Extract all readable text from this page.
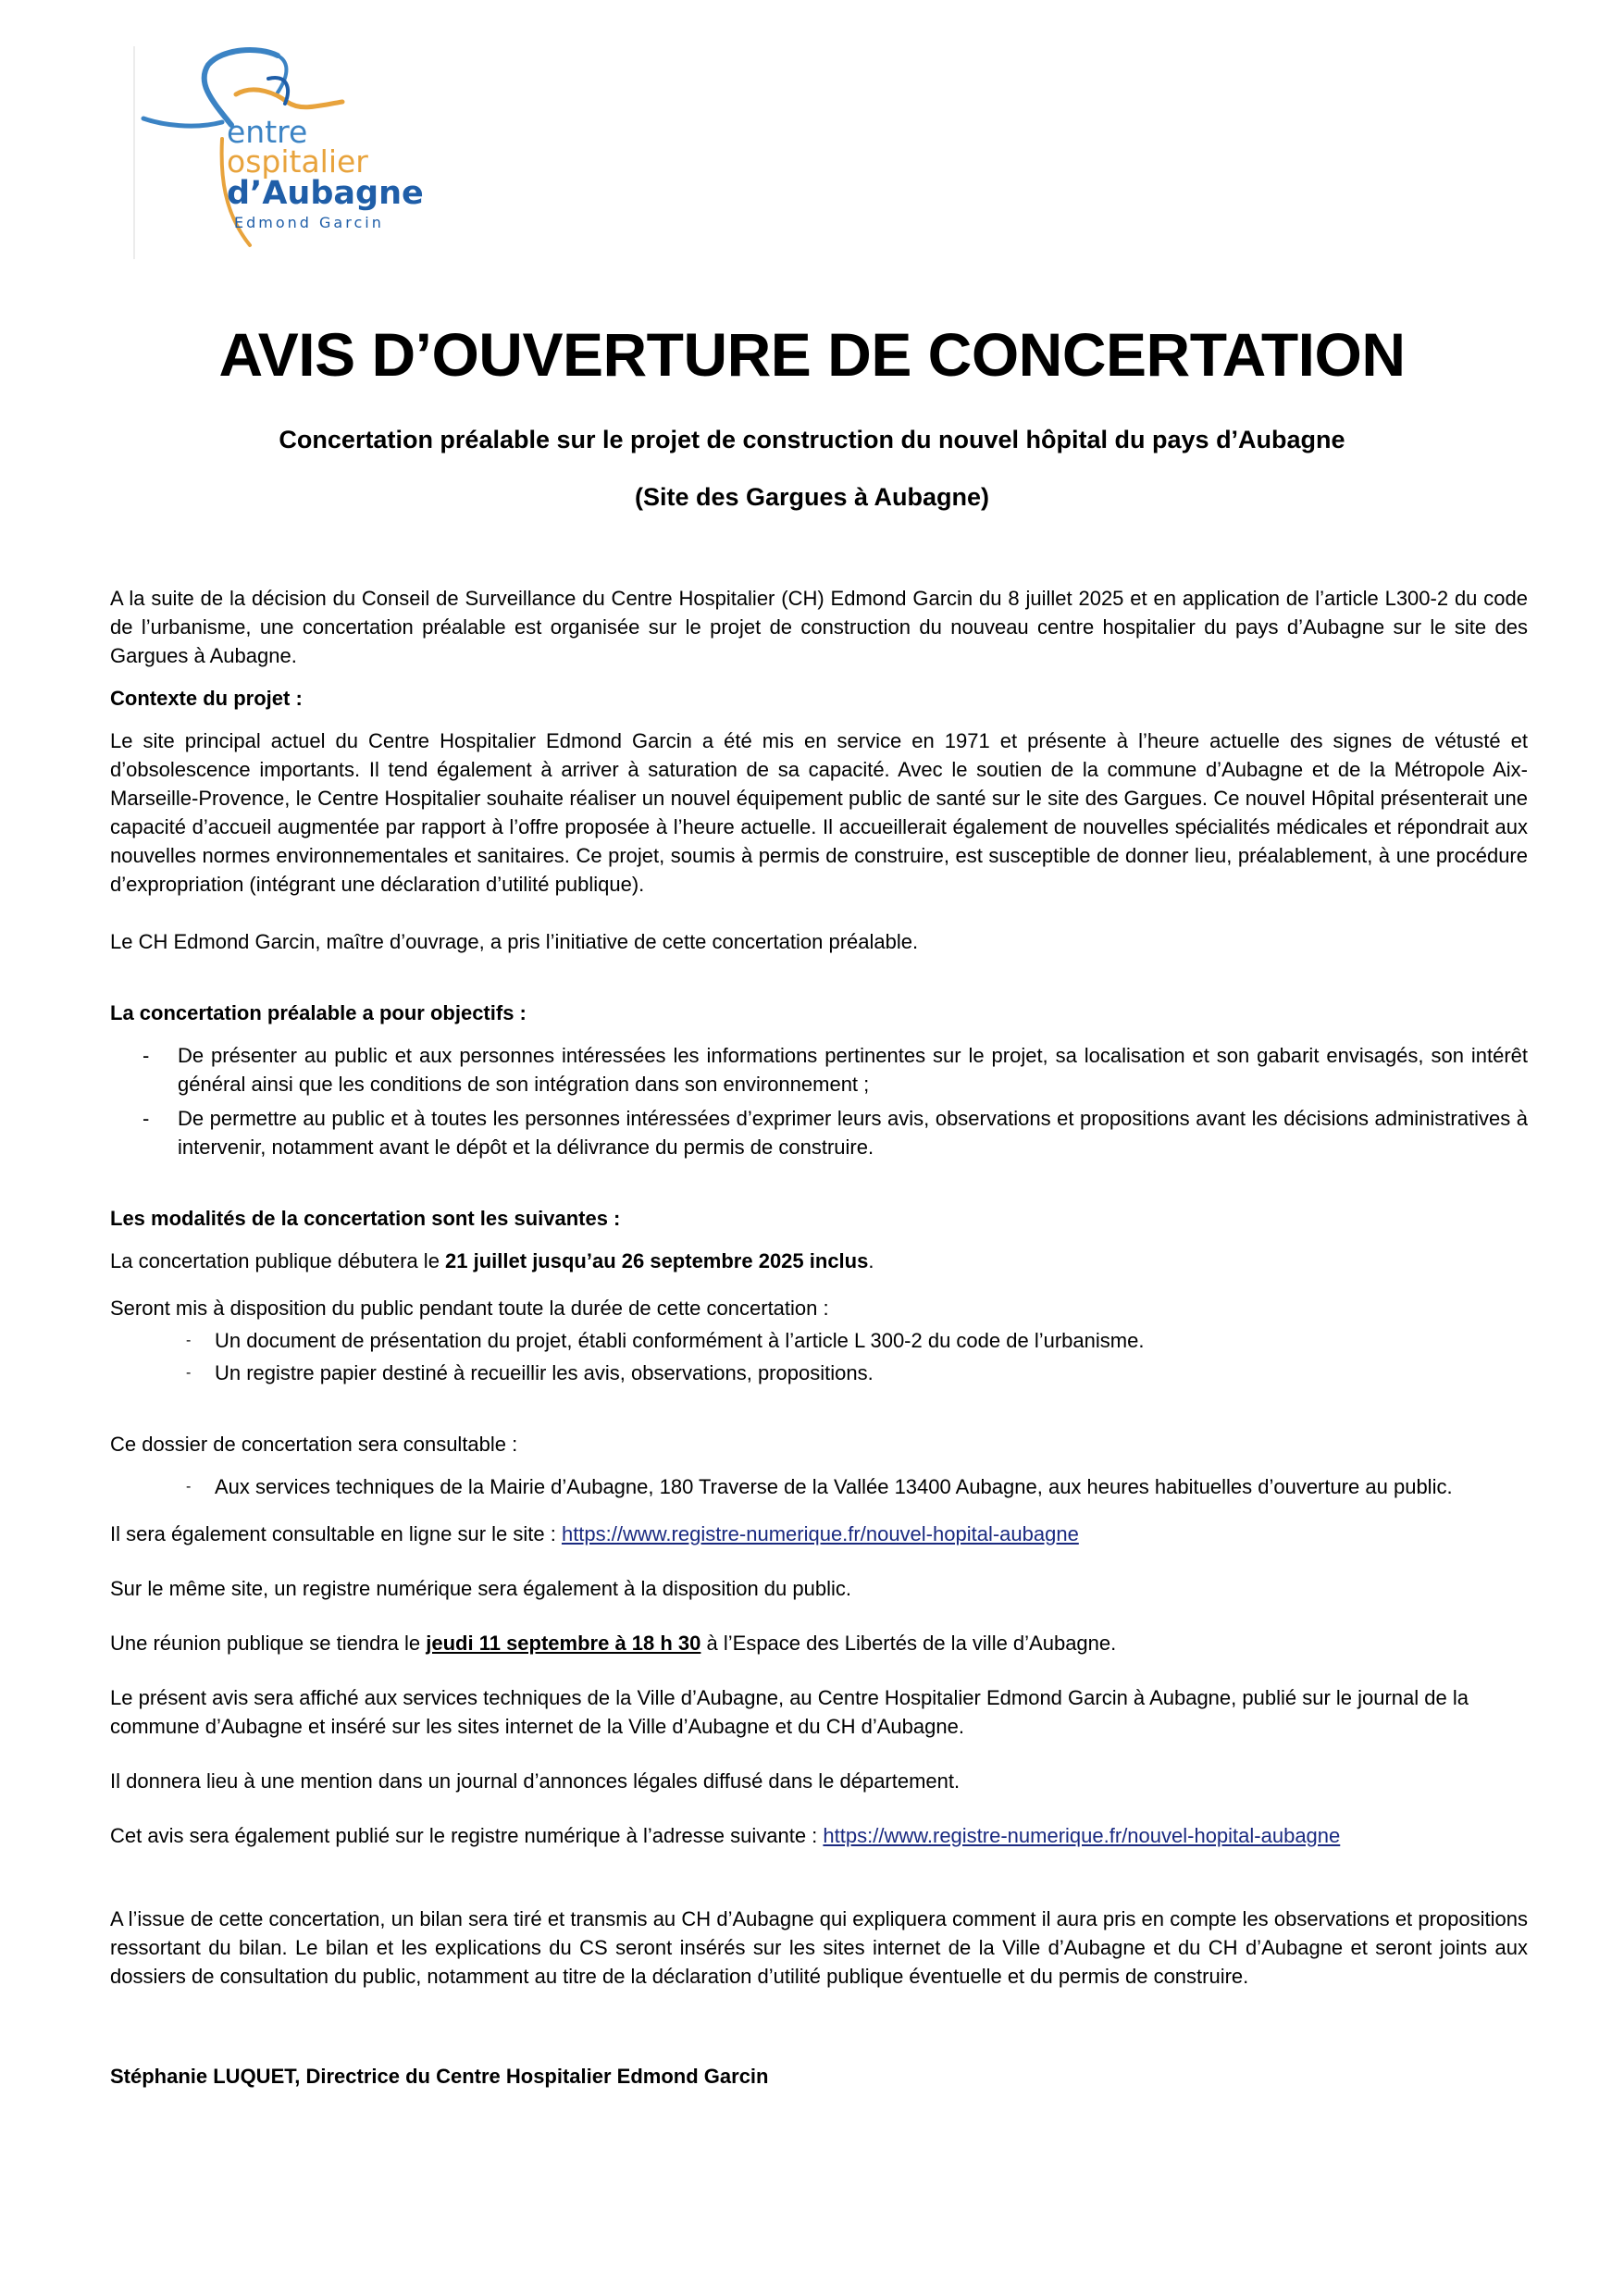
entre
ospitalier
d’Aubagne
Edmond Garcin
AVIS D’OUVERTURE DE CONCERTATION

Concertation préalable sur le projet de construction du nouvel hôpital du pays d’Aubagne

(Site des Gargues à Aubagne)

A la suite de la décision du Conseil de Surveillance du Centre Hospitalier (CH) Edmond Garcin du 8 juillet 2025 et en application de l’article L300-2 du code de l’urbanisme, une concertation préalable est organisée sur le projet de construction du nouveau centre hospitalier du pays d’Aubagne sur le site des Gargues à Aubagne.

Contexte du projet :

Le site principal actuel du Centre Hospitalier Edmond Garcin a été mis en service en 1971 et présente à l’heure actuelle des signes de vétusté et d’obsolescence importants. Il tend également à arriver à saturation de sa capacité. Avec le soutien de la commune d’Aubagne et de la Métropole Aix-Marseille-Provence, le Centre Hospitalier souhaite réaliser un nouvel équipement public de santé sur le site des Gargues. Ce nouvel Hôpital présenterait une capacité d’accueil augmentée par rapport à l’offre proposée à l’heure actuelle. Il accueillerait également de nouvelles spécialités médicales et répondrait aux nouvelles normes environnementales et sanitaires. Ce projet, soumis à permis de construire, est susceptible de donner lieu, préalablement, à une procédure d’expropriation (intégrant une déclaration d’utilité publique).

Le CH Edmond Garcin, maître d’ouvrage, a pris l’initiative de cette concertation préalable.

La concertation préalable a pour objectifs :

- De présenter au public et aux personnes intéressées les informations pertinentes sur le projet, sa localisation et son gabarit envisagés, son intérêt général ainsi que les conditions de son intégration dans son environnement ;
- De permettre au public et à toutes les personnes intéressées d’exprimer leurs avis, observations et propositions avant les décisions administratives à intervenir, notamment avant le dépôt et la délivrance du permis de construire.

Les modalités de la concertation sont les suivantes :

La concertation publique débutera le 21 juillet jusqu’au 26 septembre 2025 inclus.

Seront mis à disposition du public pendant toute la durée de cette concertation :

- Un document de présentation du projet, établi conformément à l’article L 300-2 du code de l’urbanisme.
- Un registre papier destiné à recueillir les avis, observations, propositions.

Ce dossier de concertation sera consultable :

- Aux services techniques de la Mairie d’Aubagne, 180 Traverse de la Vallée 13400 Aubagne, aux heures habituelles d’ouverture au public.

Il sera également consultable en ligne sur le site : https://www.registre-numerique.fr/nouvel-hopital-aubagne

Sur le même site, un registre numérique sera également à la disposition du public.

Une réunion publique se tiendra le jeudi 11 septembre à 18 h 30 à l’Espace des Libertés de la ville d’Aubagne.

Le présent avis sera affiché aux services techniques de la Ville d’Aubagne, au Centre Hospitalier Edmond Garcin à Aubagne, publié sur le journal de la commune d’Aubagne et inséré sur les sites internet de la Ville d’Aubagne et du CH d’Aubagne.

Il donnera lieu à une mention dans un journal d’annonces légales diffusé dans le département.

Cet avis sera également publié sur le registre numérique à l’adresse suivante : https://www.registre-numerique.fr/nouvel-hopital-aubagne

A l’issue de cette concertation, un bilan sera tiré et transmis au CH d’Aubagne qui expliquera comment il aura pris en compte les observations et propositions ressortant du bilan. Le bilan et les explications du CS seront insérés sur les sites internet de la Ville d’Aubagne et du CH d’Aubagne et seront joints aux dossiers de consultation du public, notamment au titre de la déclaration d’utilité publique éventuelle et du permis de construire.

Stéphanie LUQUET, Directrice du Centre Hospitalier Edmond Garcin
